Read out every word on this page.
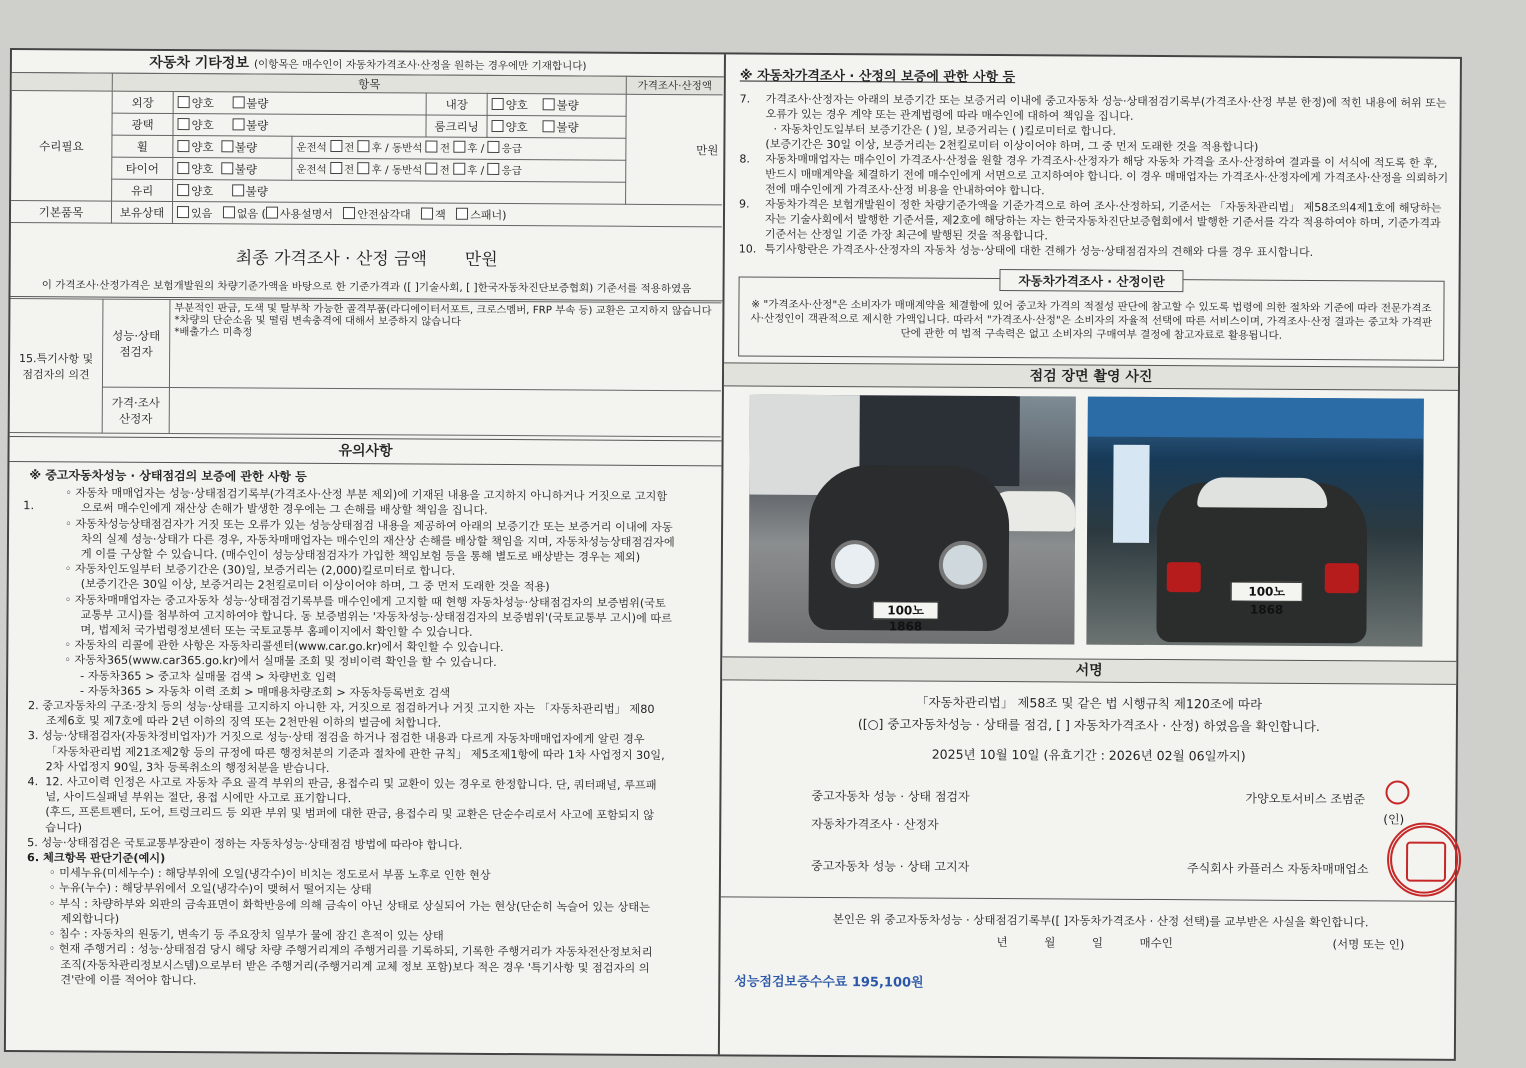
자동차 기타정보 (이항목은 매수인이 자동차가격조사·산정을 원하는 경우에만 기재합니다)
	항목					가격조사·산정액
수리필요	외장	양호 불량		내장	양호 불량	만원
	광택	양호 불량		룸크리닝	양호 불량	
	휠	양호 불량	운전석 전 후 / 동반석 전 후 / 응급			
	타이어	양호 불량	운전석 전 후 / 동반석 전 후 / 응급			
	유리	양호 불량				
기본품목	보유상태	있음 없음 ( 사용설명서 안전삼각대 잭 스패너)				
최종 가격조사 · 산정 금액 만원
이 가격조사·산정가격은 보험개발원의 차량기준가액을 바탕으로 한 기준가격과 ([ ]기술사회, [ ]한국자동차진단보증협회) 기준서를 적용하였음
15.특기사항 및 점검자의 의견	성능·상태 점검자	부분적인 판금, 도색 및 탈부착 가능한 골격부품(라디에이터서포트, 크로스멤버, FRP 부속 등) 교환은 고지하지 않습니다
*차량의 단순소음 및 떨림 변속충격에 대해서 보증하지 않습니다
*배출가스 미측정

	가격·조사 산정자	
유의사항

※ 중고자동차성능 · 상태점검의 보증에 관한 사항 등

◦ 자동차 매매업자는 성능·상태점검기록부(가격조사·산정 부분 제외)에 기재된 내용을 고지하지 아니하거나 거짓으로 고지함

으로써 매수인에게 재산상 손해가 발생한 경우에는 그 손해를 배상할 책임을 집니다.

◦ 자동차성능상태점검자가 거짓 또는 오류가 있는 성능상태점검 내용을 제공하여 아래의 보증기간 또는 보증거리 이내에 자동

차의 실제 성능·상태가 다른 경우, 자동차매매업자는 매수인의 재산상 손해를 배상할 책임을 지며, 자동차성능상태점검자에

게 이를 구상할 수 있습니다. (매수인이 성능상태점검자가 가입한 책임보험 등을 통해 별도로 배상받는 경우는 제외)

◦ 자동차인도일부터 보증기간은 (30)일, 보증거리는 (2,000)킬로미터로 합니다.

(보증기간은 30일 이상, 보증거리는 2천킬로미터 이상이어야 하며, 그 중 먼저 도래한 것을 적용)

◦ 자동차매매업자는 중고자동차 성능·상태점검기록부를 매수인에게 고지할 때 현행 자동차성능·상태점검자의 보증범위(국토

교통부 고시)를 첨부하여 고지하여야 합니다. 동 보증범위는 '자동차성능·상태점검자의 보증범위'(국토교통부 고시)에 따르

며, 법제처 국가법령정보센터 또는 국토교통부 홈페이지에서 확인할 수 있습니다.

◦ 자동차의 리콜에 관한 사항은 자동차리콜센터(www.car.go.kr)에서 확인할 수 있습니다.

◦ 자동차365(www.car365.go.kr)에서 실매물 조회 및 정비이력 확인을 할 수 있습니다.

- 자동차365 > 중고차 실매물 검색 > 차량번호 입력

- 자동차365 > 자동차 이력 조회 > 매매용차량조회 > 자동차등록번호 검색

2. 중고자동차의 구조·장치 등의 성능·상태를 고지하지 아니한 자, 거짓으로 점검하거나 거짓 고지한 자는 「자동차관리법」 제80

조제6호 및 제7호에 따라 2년 이하의 징역 또는 2천만원 이하의 벌금에 처합니다.

3. 성능·상태점검자(자동차정비업자)가 거짓으로 성능·상태 점검을 하거나 점검한 내용과 다르게 자동차매매업자에게 알린 경우

「자동차관리법 제21조제2항 등의 규정에 따른 행정처분의 기준과 절차에 관한 규칙」 제5조제1항에 따라 1차 사업정지 30일,

2차 사업정지 90일, 3차 등록취소의 행정처분을 받습니다.

4. 12. 사고이력 인정은 사고로 자동차 주요 골격 부위의 판금, 용접수리 및 교환이 있는 경우로 한정합니다. 단, 쿼터패널, 루프패

널, 사이드실패널 부위는 절단, 용접 시에만 사고로 표기합니다.

(후드, 프론트펜더, 도어, 트렁크리드 등 외판 부위 및 범퍼에 대한 판금, 용접수리 및 교환은 단순수리로서 사고에 포함되지 않

습니다)

5. 성능·상태점검은 국토교통부장관이 정하는 자동차성능·상태점검 방법에 따라야 합니다.

6. 체크항목 판단기준(예시)

◦ 미세누유(미세누수) : 해당부위에 오일(냉각수)이 비치는 정도로서 부품 노후로 인한 현상

◦ 누유(누수) : 해당부위에서 오일(냉각수)이 맺혀서 떨어지는 상태

◦ 부식 : 차량하부와 외판의 금속표면이 화학반응에 의해 금속이 아닌 상태로 상실되어 가는 현상(단순히 녹슬어 있는 상태는

제외합니다)

◦ 침수 : 자동차의 원동기, 변속기 등 주요장치 일부가 물에 잠긴 흔적이 있는 상태

◦ 현재 주행거리 : 성능·상태점검 당시 해당 차량 주행거리계의 주행거리를 기록하되, 기록한 주행거리가 자동차전산정보처리

조직(자동차관리정보시스템)으로부터 받은 주행거리(주행거리계 교체 정보 포함)보다 적은 경우 '특기사항 및 점검자의 의

견'란에 이를 적어야 합니다.

1.
※ 자동차가격조사 · 산정의 보증에 관한 사항 등
7.	가격조사·산정자는 아래의 보증기간 또는 보증거리 이내에 중고자동차 성능·상태점검기록부(가격조사·산정 부분 한정)에 적힌 내용에 허위 또는 오류가 있는 경우 계약 또는 관계법령에 따라 매수인에 대하여 책임을 집니다.
· 자동차인도일부터 보증기간은 ( )일, 보증거리는 ( )킬로미터로 합니다.
(보증기간은 30일 이상, 보증거리는 2천킬로미터 이상이어야 하며, 그 중 먼저 도래한 것을 적용합니다)
8.	자동차매매업자는 매수인이 가격조사·산정을 원할 경우 가격조사·산정자가 해당 자동차 가격을 조사·산정하여 결과를 이 서식에 적도록 한 후, 반드시 매매계약을 체결하기 전에 매수인에게 서면으로 고지하여야 합니다. 이 경우 매매업자는 가격조사·산정자에게 가격조사·산정을 의뢰하기 전에 매수인에게 가격조사·산정 비용을 안내하여야 합니다.
9.	자동차가격은 보험개발원이 정한 차량기준가액을 기준가격으로 하여 조사·산정하되, 기준서는 「자동차관리법」 제58조의4제1호에 해당하는 자는 기술사회에서 발행한 기준서를, 제2호에 해당하는 자는 한국자동차진단보증협회에서 발행한 기준서를 각각 적용하여야 하며, 기준가격과 기준서는 산정일 기준 가장 최근에 발행된 것을 적용합니다.
10. 특기사항란은 가격조사·산정자의 자동차 성능·상태에 대한 견해가 성능·상태점검자의 견해와 다를 경우 표시합니다.
자동차가격조사 · 산정이란
※ "가격조사·산정"은 소비자가 매매계약을 체결함에 있어 중고차 가격의 적절성 판단에 참고할 수 있도록 법령에 의한 절차와 기준에 따라 전문가격조사·산정인이 객관적으로 제시한 가액입니다. 따라서 "가격조사·산정"은 소비자의 자율적 선택에 따른 서비스이며, 가격조사·산정 결과는 중고차 가격판단에 관한 여 법적 구속력은 없고 소비자의 구매여부 결정에 참고자료로 활용됩니다.
점검 장면 촬영 사진
100노 1868
100노 1868
서명
「자동차관리법」 제58조 및 같은 법 시행규칙 제120조에 따라
([○] 중고자동차성능 · 상태를 점검, [ ] 자동차가격조사 · 산정) 하였음을 확인합니다.
2025년 10월 10일 (유효기간 : 2026년 02월 06일까지)
중고자동차 성능 · 상태 점검자	가양오토서비스 조범준
자동차가격조사 · 산정자	(인)
중고자동차 성능 · 상태 고지자	주식회사 카플러스 자동차매매업소
본인은 위 중고자동차성능 · 상태점검기록부([ ]자동차가격조사 · 산정 선택)를 교부받은 사실을 확인합니다.
년          월          일          매수인	(서명 또는 인)
성능점검보증수수료 195,100원
